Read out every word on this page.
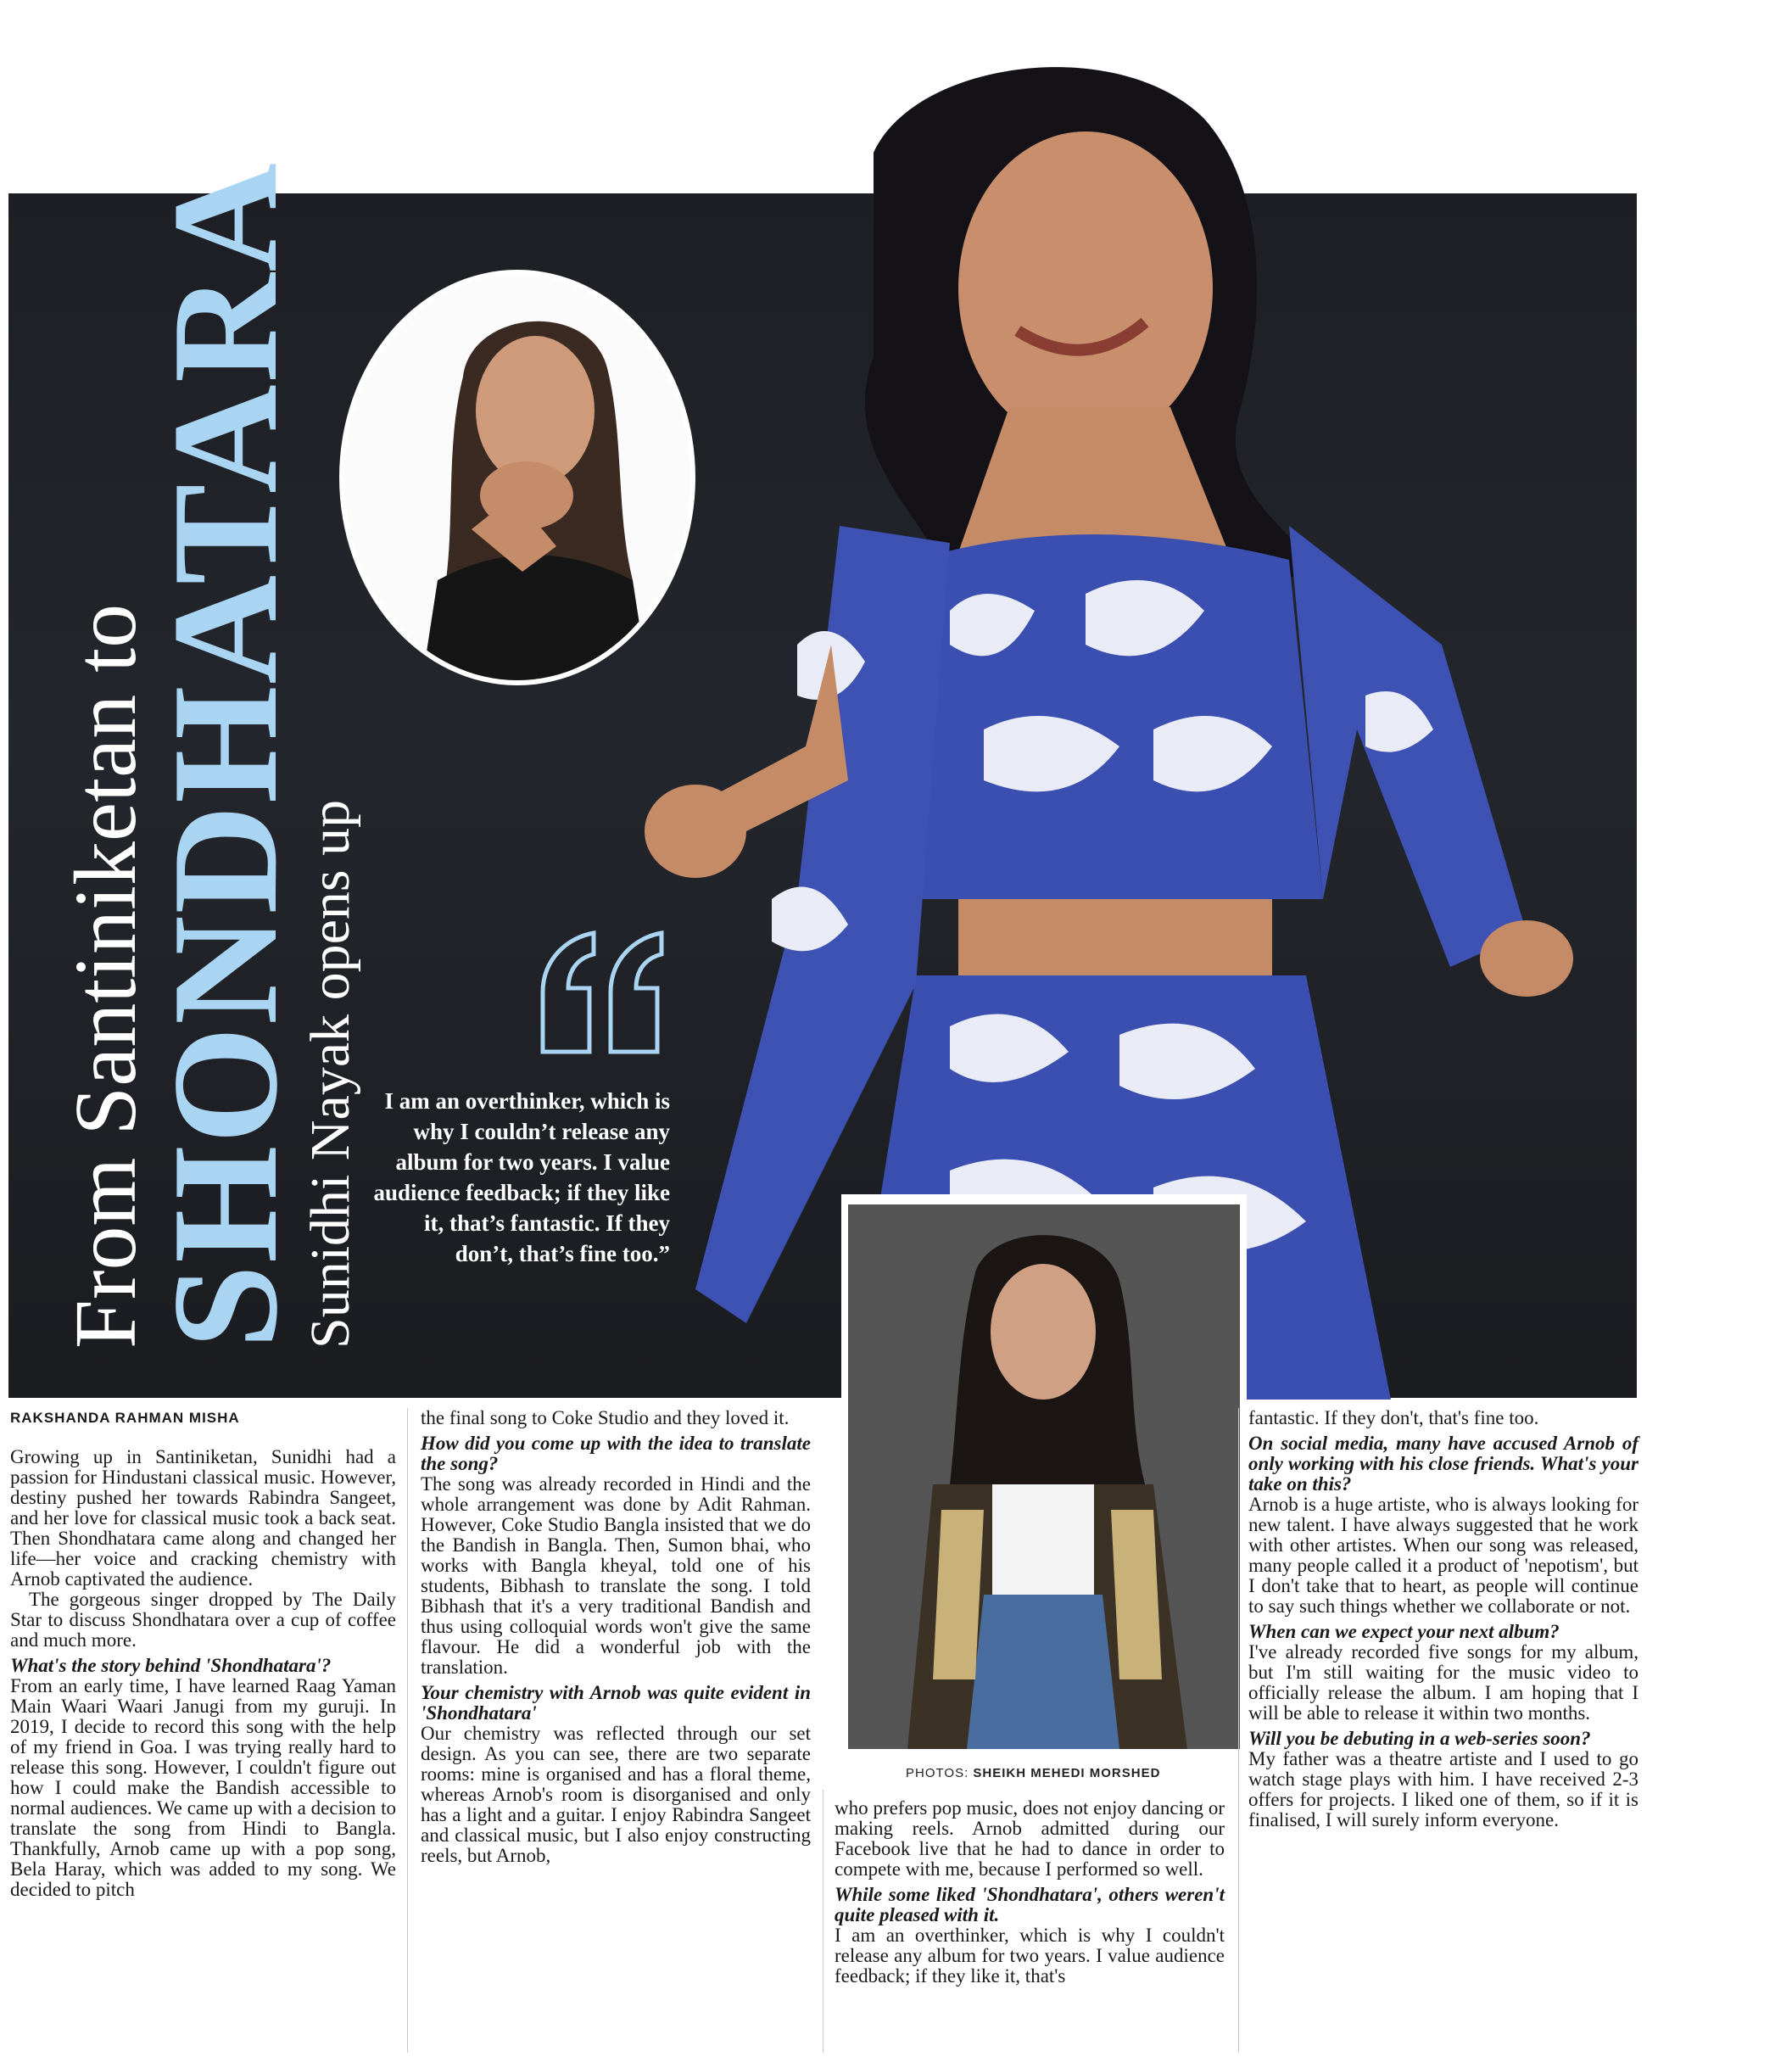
From Santiniketan to
SHONDHATARA
Sunidhi Nayak opens up	I am an overthinker, which is why I couldn’t release any album for two years. I value audience feedback; if they like it, that’s fantastic. If they don’t, that’s fine too.”
PHOTOS: SHEIKH MEHEDI MORSHED
RAKSHANDA RAHMAN MISHA

Growing up in Santiniketan, Sunidhi had a passion for Hindustani classical music. However, destiny pushed her towards Rabindra Sangeet, and her love for classical music took a back seat. Then Shondhatara came along and changed her life—her voice and cracking chemistry with Arnob captivated the audience.

The gorgeous singer dropped by The Daily Star to discuss Shondhatara over a cup of coffee and much more.

What's the story behind 'Shondhatara'?

From an early time, I have learned Raag Yaman Main Waari Waari Janugi from my guruji. In 2019, I decide to record this song with the help of my friend in Goa. I was trying really hard to release this song. However, I couldn't figure out how I could make the Bandish accessible to normal audiences. We came up with a decision to translate the song from Hindi to Bangla. Thankfully, Arnob came up with a pop song, Bela Haray, which was added to my song. We decided to pitch

the final song to Coke Studio and they loved it.

How did you come up with the idea to translate the song?

The song was already recorded in Hindi and the whole arrangement was done by Adit Rahman. However, Coke Studio Bangla insisted that we do the Bandish in Bangla. Then, Sumon bhai, who works with Bangla kheyal, told one of his students, Bibhash to translate the song. I told Bibhash that it's a very traditional Bandish and thus using colloquial words won't give the same flavour. He did a wonderful job with the translation.

Your chemistry with Arnob was quite evident in 'Shondhatara'

Our chemistry was reflected through our set design. As you can see, there are two separate rooms: mine is organised and has a floral theme, whereas Arnob's room is disorganised and only has a light and a guitar. I enjoy Rabindra Sangeet and classical music, but I also enjoy constructing reels, but Arnob,

who prefers pop music, does not enjoy dancing or making reels. Arnob admitted during our Facebook live that he had to dance in order to compete with me, because I performed so well.

While some liked 'Shondhatara', others weren't quite pleased with it.

I am an overthinker, which is why I couldn't release any album for two years. I value audience feedback; if they like it, that's

fantastic. If they don't, that's fine too.

On social media, many have accused Arnob of only working with his close friends. What's your take on this?

Arnob is a huge artiste, who is always looking for new talent. I have always suggested that he work with other artistes. When our song was released, many people called it a product of 'nepotism', but I don't take that to heart, as people will continue to say such things whether we collaborate or not.

When can we expect your next album?

I've already recorded five songs for my album, but I'm still waiting for the music video to officially release the album. I am hoping that I will be able to release it within two months.

Will you be debuting in a web-series soon?

My father was a theatre artiste and I used to go watch stage plays with him. I have received 2-3 offers for projects. I liked one of them, so if it is finalised, I will surely inform everyone.
